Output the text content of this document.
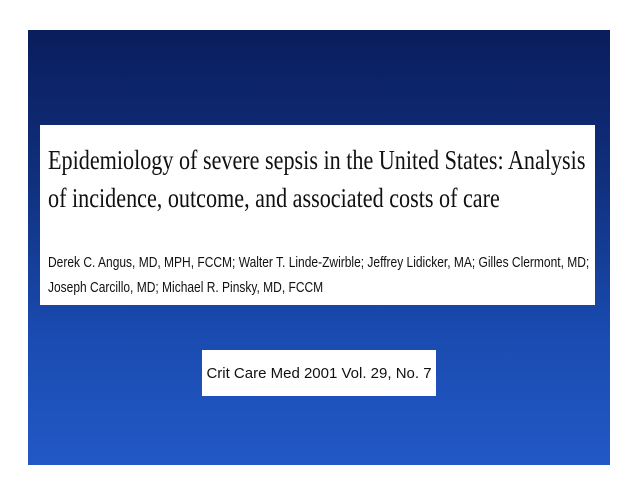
Epidemiology of severe sepsis in the United States: Analysis of incidence, outcome, and associated costs of care

Derek C. Angus, MD, MPH, FCCM; Walter T. Linde-Zwirble; Jeffrey Lidicker, MA; Gilles Clermont, MD; Joseph Carcillo, MD; Michael R. Pinsky, MD, FCCM

Crit Care Med 2001 Vol. 29, No. 7
